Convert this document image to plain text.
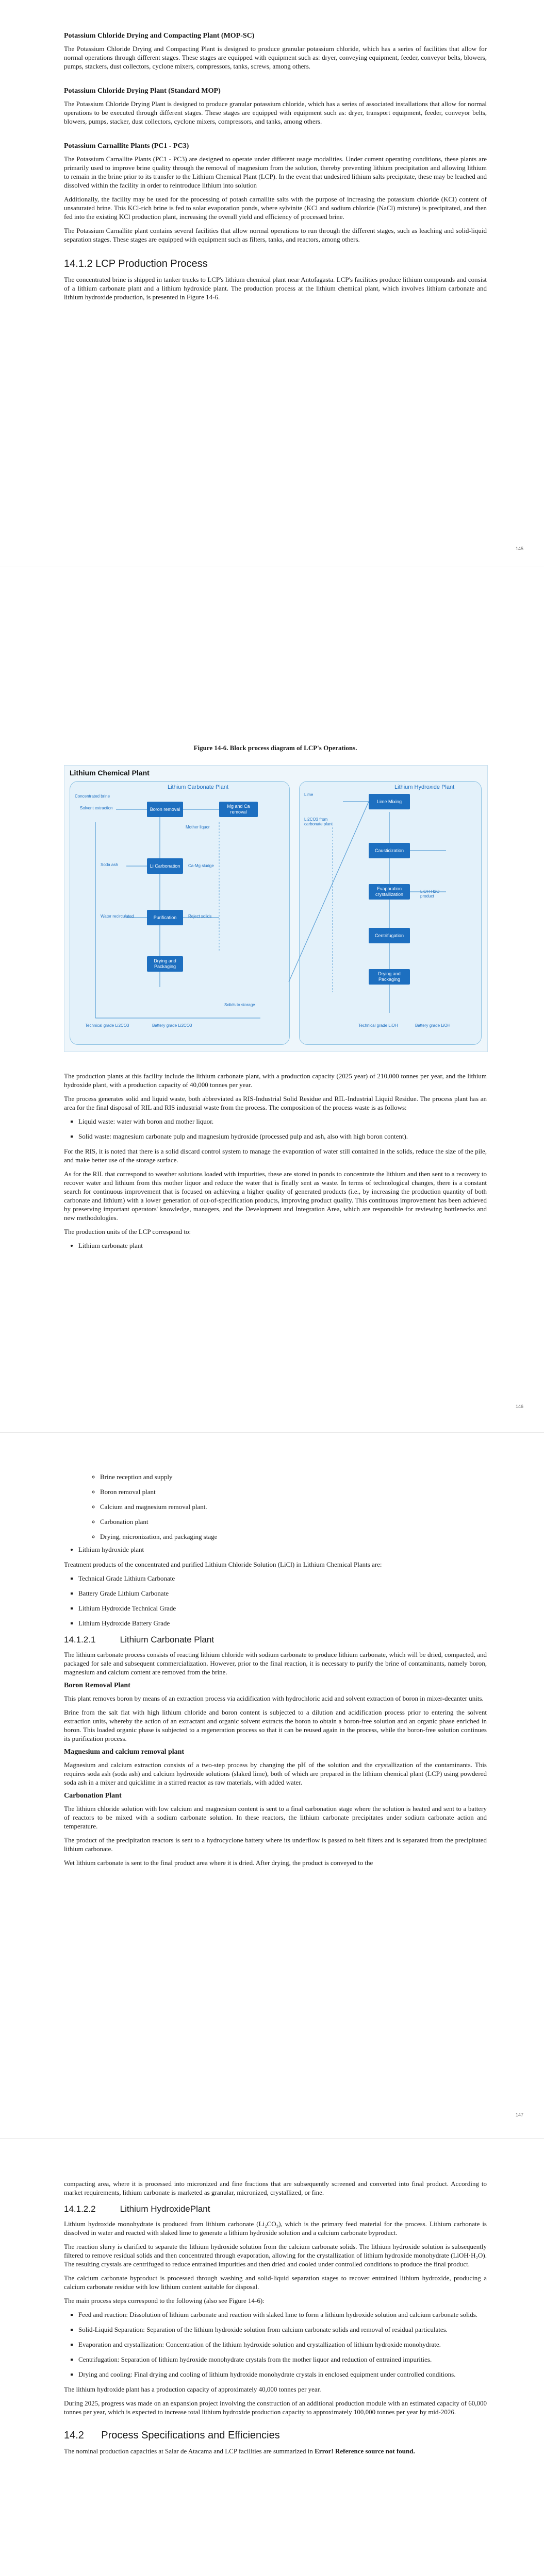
Potassium Chloride Drying and Compacting Plant (MOP-SC)

The Potassium Chloride Drying and Compacting Plant is designed to produce granular potassium chloride, which has a series of facilities that allow for normal operations through different stages. These stages are equipped with equipment such as: dryer, conveying equipment, feeder, conveyor belts, blowers, pumps, stackers, dust collectors, cyclone mixers, compressors, tanks, screws, among others.

Potassium Chloride Drying Plant (Standard MOP)

The Potassium Chloride Drying Plant is designed to produce granular potassium chloride, which has a series of associated installations that allow for normal operations to be executed through different stages. These stages are equipped with equipment such as: dryer, transport equipment, feeder, conveyor belts, blowers, pumps, stacker, dust collectors, cyclone mixers, compressors, and tanks, among others.

Potassium Carnallite Plants (PC1 - PC3)

The Potassium Carnallite Plants (PC1 - PC3) are designed to operate under different usage modalities. Under current operating conditions, these plants are primarily used to improve brine quality through the removal of magnesium from the solution, thereby preventing lithium precipitation and allowing lithium to remain in the brine prior to its transfer to the Lithium Chemical Plant (LCP). In the event that undesired lithium salts precipitate, these may be leached and dissolved within the facility in order to reintroduce lithium into solution

Additionally, the facility may be used for the processing of potash carnallite salts with the purpose of increasing the potassium chloride (KCl) content of unsaturated brine. This KCl-rich brine is fed to solar evaporation ponds, where sylvinite (KCl and sodium chloride (NaCl) mixture) is precipitated, and then fed into the existing KCl production plant, increasing the overall yield and efficiency of processed brine.

The Potassium Carnallite plant contains several facilities that allow normal operations to run through the different stages, such as leaching and solid-liquid separation stages. These stages are equipped with equipment such as filters, tanks, and reactors, among others.

14.1.2 LCP Production Process

The concentrated brine is shipped in tanker trucks to LCP's lithium chemical plant near Antofagasta. LCP's facilities produce lithium compounds and consist of a lithium carbonate plant and a lithium hydroxide plant. The production process at the lithium chemical plant, which involves lithium carbonate and lithium hydroxide production, is presented in Figure 14-6.

145
Figure 14-6. Block process diagram of LCP's Operations.
Lithium Chemical Plant
Lithium Carbonate Plant	Lithium Hydroxide Plant
Boron removal
Mg and Ca removal
Li Carbonation
Purification
Drying and Packaging
Concentrated brine
Solvent extraction
Mother liquor
Soda ash	Ca-Mg sludge
Water recirculated	Reject solids
Technical grade Li2CO3	Battery grade Li2CO3
Solids to storage
Lime Mixing
Causticization
Evaporation crystallization
Centrifugation
Drying and Packaging
Lime
Li2CO3 from carbonate plant
LiOH·H2O product
Technical grade LiOH	Battery grade LiOH

The production plants at this facility include the lithium carbonate plant, with a production capacity (2025 year) of 210,000 tonnes per year, and the lithium hydroxide plant, with a production capacity of 40,000 tonnes per year.

The process generates solid and liquid waste, both abbreviated as RIS-Industrial Solid Residue and RIL-Industrial Liquid Residue. The process plant has an area for the final disposal of RIL and RIS industrial waste from the process. The composition of the process waste is as follows:

▪ Liquid waste: water with boron and mother liquor.
▪ Solid waste: magnesium carbonate pulp and magnesium hydroxide (processed pulp and ash, also with high boron content).

For the RIS, it is noted that there is a solid discard control system to manage the evaporation of water still contained in the solids, reduce the size of the pile, and make better use of the storage surface.

As for the RIL that correspond to weather solutions loaded with impurities, these are stored in ponds to concentrate the lithium and then sent to a recovery to recover water and lithium from this mother liquor and reduce the water that is finally sent as waste. In terms of technological changes, there is a constant search for continuous improvement that is focused on achieving a higher quality of generated products (i.e., by increasing the production quantity of both carbonate and lithium) with a lower generation of out-of-specification products, improving product quality. This continuous improvement has been achieved by preserving important operators' knowledge, managers, and the Development and Integration Area, which are responsible for reviewing bottlenecks and new methodologies.

The production units of the LCP correspond to:

• Lithium carbonate plant
146
◦ Brine reception and supply
◦ Boron removal plant
◦ Calcium and magnesium removal plant.
◦ Carbonation plant
◦ Drying, micronization, and packaging stage
• Lithium hydroxide plant

Treatment products of the concentrated and purified Lithium Chloride Solution (LiCl) in Lithium Chemical Plants are:

▪ Technical Grade Lithium Carbonate
▪ Battery Grade Lithium Carbonate
▪ Lithium Hydroxide Technical Grade
▪ Lithium Hydroxide Battery Grade
14.1.2.1          Lithium Carbonate Plant

The lithium carbonate process consists of reacting lithium chloride with sodium carbonate to produce lithium carbonate, which will be dried, compacted, and packaged for sale and subsequent commercialization. However, prior to the final reaction, it is necessary to purify the brine of contaminants, namely boron, magnesium and calcium content are removed from the brine.

Boron Removal Plant

This plant removes boron by means of an extraction process via acidification with hydrochloric acid and solvent extraction of boron in mixer-decanter units.

Brine from the salt flat with high lithium chloride and boron content is subjected to a dilution and acidification process prior to entering the solvent extraction units, whereby the action of an extractant and organic solvent extracts the boron to obtain a boron-free solution and an organic phase enriched in boron. This loaded organic phase is subjected to a regeneration process so that it can be reused again in the process, while the boron-free solution continues its purification process.

Magnesium and calcium removal plant

Magnesium and calcium extraction consists of a two-step process by changing the pH of the solution and the crystallization of the contaminants. This requires soda ash (soda ash) and calcium hydroxide solutions (slaked lime), both of which are prepared in the lithium chemical plant (LCP) using powdered soda ash in a mixer and quicklime in a stirred reactor as raw materials, with added water.

Carbonation Plant

The lithium chloride solution with low calcium and magnesium content is sent to a final carbonation stage where the solution is heated and sent to a battery of reactors to be mixed with a sodium carbonate solution. In these reactors, the lithium carbonate precipitates under sodium carbonate action and temperature.

The product of the precipitation reactors is sent to a hydrocyclone battery where its underflow is passed to belt filters and is separated from the precipitated lithium carbonate.

Wet lithium carbonate is sent to the final product area where it is dried. After drying, the product is conveyed to the

147

compacting area, where it is processed into micronized and fine fractions that are subsequently screened and converted into final product. According to market requirements, lithium carbonate is marketed as granular, micronized, crystallized, or fine.

14.1.2.2          Lithium HydroxidePlant

Lithium hydroxide monohydrate is produced from lithium carbonate (Li₂CO₃), which is the primary feed material for the process. Lithium carbonate is dissolved in water and reacted with slaked lime to generate a lithium hydroxide solution and a calcium carbonate byproduct.

The reaction slurry is clarified to separate the lithium hydroxide solution from the calcium carbonate solids. The lithium hydroxide solution is subsequently filtered to remove residual solids and then concentrated through evaporation, allowing for the crystallization of lithium hydroxide monohydrate (LiOH·H₂O). The resulting crystals are centrifuged to reduce entrained impurities and then dried and cooled under controlled conditions to produce the final product.

The calcium carbonate byproduct is processed through washing and solid-liquid separation stages to recover entrained lithium hydroxide, producing a calcium carbonate residue with low lithium content suitable for disposal.

The main process steps correspond to the following (also see Figure 14-6):

▪ Feed and reaction: Dissolution of lithium carbonate and reaction with slaked lime to form a lithium hydroxide solution and calcium carbonate solids.
▪ Solid-Liquid Separation: Separation of the lithium hydroxide solution from calcium carbonate solids and removal of residual particulates.
▪ Evaporation and crystallization: Concentration of the lithium hydroxide solution and crystallization of lithium hydroxide monohydrate.
▪ Centrifugation: Separation of lithium hydroxide monohydrate crystals from the mother liquor and reduction of entrained impurities.
▪ Drying and cooling: Final drying and cooling of lithium hydroxide monohydrate crystals in enclosed equipment under controlled conditions.

The lithium hydroxide plant has a production capacity of approximately 40,000 tonnes per year.

During 2025, progress was made on an expansion project involving the construction of an additional production module with an estimated capacity of 60,000 tonnes per year, which is expected to increase total lithium hydroxide production capacity to approximately 100,000 tonnes per year by mid-2026.

14.2      Process Specifications and Efficiencies

The nominal production capacities at Salar de Atacama and LCP facilities are summarized in Error! Reference source not found.
